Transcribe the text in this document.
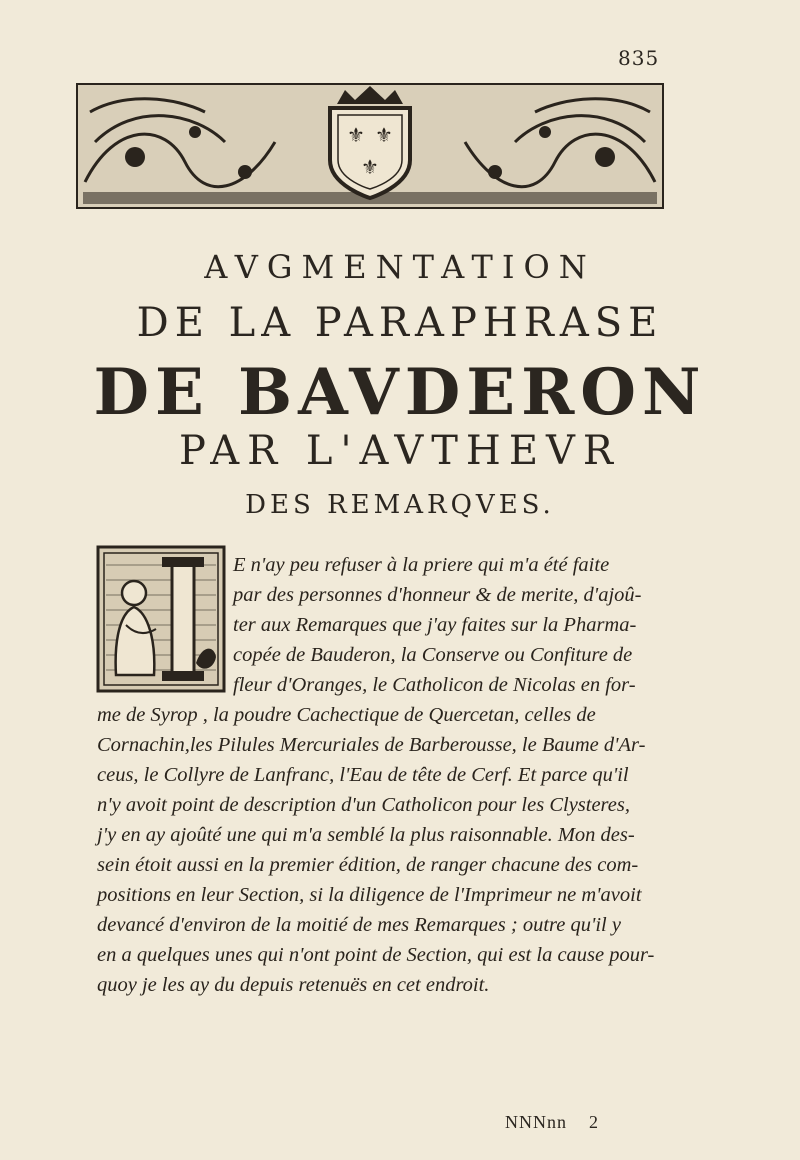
835
⚜ ⚜
⚜
AVGMENTATION
DE LA PARAPHRASE
DE BAVDERON
PAR L'AVTHEVR
DES REMARQVES.
E n'ay peu refuser à la priere qui m'a été faite
par des personnes d'honneur & de merite, d'ajoû-
ter aux Remarques que j'ay faites sur la Pharma-
copée de Bauderon, la Conserve ou Confiture de
fleur d'Oranges, le Catholicon de Nicolas en for-
me de Syrop , la poudre Cachectique de Quercetan, celles de
Cornachin,les Pilules Mercuriales de Barberousse, le Baume d'Ar-
ceus, le Collyre de Lanfranc, l'Eau de tête de Cerf. Et parce qu'il
n'y avoit point de description d'un Catholicon pour les Clysteres,
j'y en ay ajoûté une qui m'a semblé la plus raisonnable. Mon des-
sein étoit aussi en la premier édition, de ranger chacune des com-
positions en leur Section, si la diligence de l'Imprimeur ne m'avoit
devancé d'environ de la moitié de mes Remarques ; outre qu'il y
en a quelques unes qui n'ont point de Section, qui est la cause pour-
quoy je les ay du depuis retenuës en cet endroit.
NNNnn 2
